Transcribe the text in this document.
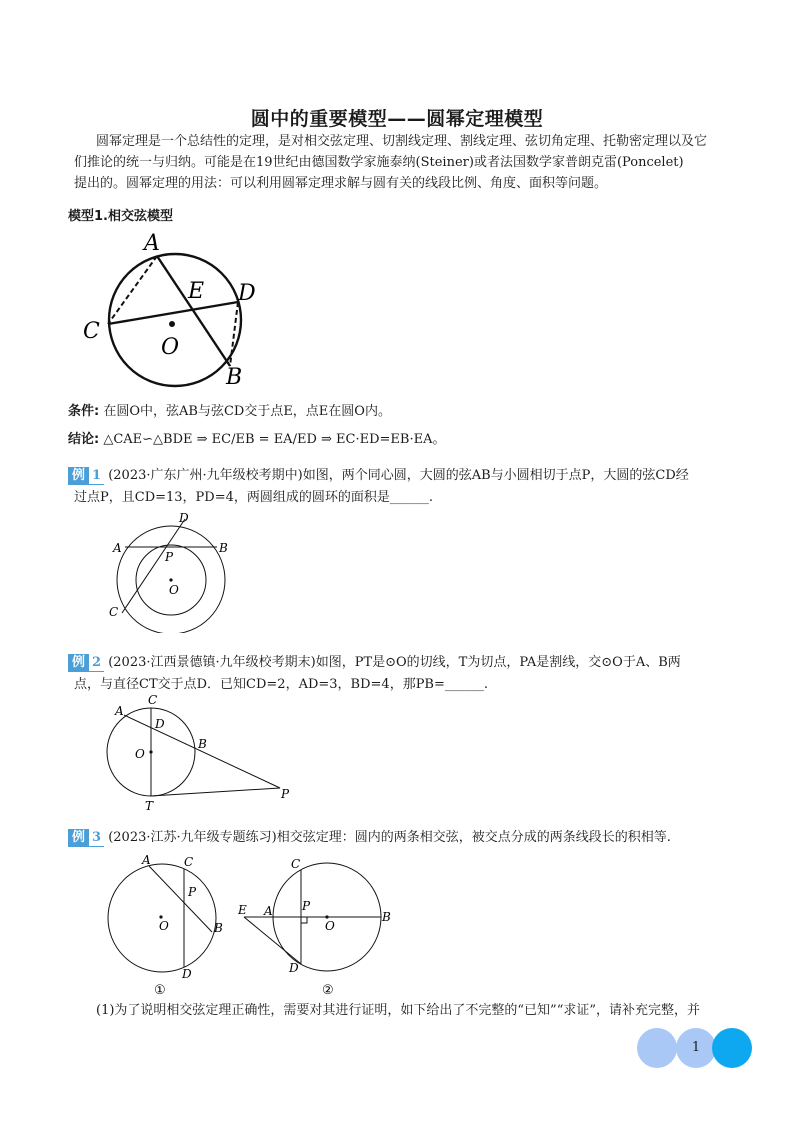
圆中的重要模型——圆幂定理模型
圆幂定理是一个总结性的定理，是对相交弦定理、切割线定理、割线定理、弦切角定理、托勒密定理以及它
们推论的统一与归纳。可能是在19世纪由德国数学家施泰纳(Steiner)或者法国数学家普朗克雷(Poncelet)
提出的。圆幂定理的用法：可以利用圆幂定理求解与圆有关的线段比例、角度、面积等问题。
模型1.相交弦模型
A
B
C
D
E
O
条件: 在圆O中，弦AB与弦CD交于点E，点E在圆O内。
结论: △CAE∽△BDE ⇒ EC/EB = EA/ED ⇒ EC·ED=EB·EA。
例 1 (2023·广东广州·九年级校考期中)如图，两个同心圆，大圆的弦AB与小圆相切于点P，大圆的弦CD经
过点P，且CD=13，PD=4，两圆组成的圆环的面积是______.
A	B
C
D
P
O
例 2 (2023·江西景德镇·九年级校考期末)如图，PT是⊙O的切线，T为切点，PA是割线，交⊙O于A、B两
点，与直径CT交于点D．已知CD=2，AD=3，BD=4，那PB=______.
A
B
C
D
O
T
P
例 3 (2023·江苏·九年级专题练习)相交弦定理：圆内的两条相交弦，被交点分成的两条线段长的积相等.
A
B
C
D
P
O
①
A	B
C
D
E	P
O
②
(1)为了说明相交弦定理正确性，需要对其进行证明，如下给出了不完整的“已知”“求证”，请补充完整，并
1
